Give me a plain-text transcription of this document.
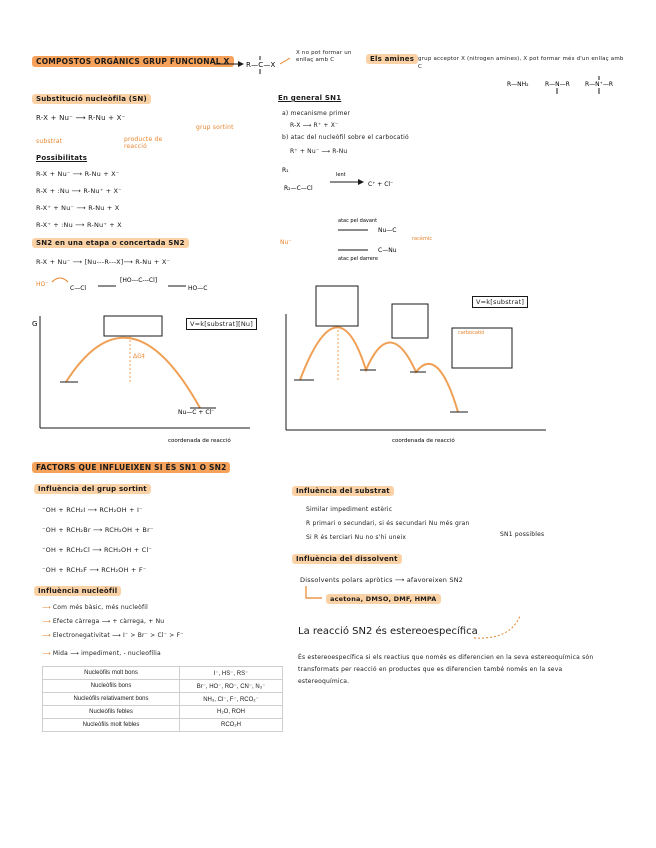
COMPOSTOS ORGÀNICS GRUP FUNCIONAL X	R—C—X
X no pot formar un enllaç amb C	Els amines grup acceptor X (nitrogen amines), X pot formar més d'un enllaç amb C
R—NH₂	R—N—R	R—N⁺—R
Substitució nucleòfila (SN)
R-X + Nu⁻ ⟶ R-Nu + X⁻
substrat	producte de reacció
grup sortint
Possibilitats
R-X + Nu⁻ ⟶ R-Nu + X⁻
R-X + :Nu ⟶ R-Nu⁺ + X⁻
R-X⁺ + Nu⁻ ⟶ R-Nu + X
R-X⁺ + :Nu ⟶ R-Nu⁺ + X
SN2 en una etapa o concertada SN2
R-X + Nu⁻ ⟶ [Nu---R---X]⟶ R-Nu + X⁻
HO⁻
C—Cl
[HO---C---Cl]
HO—C
G
ΔG‡
Nu—C + Cl⁻
coordenada de reacció
V=k[substrat][Nu]
En general SN1
a) mecanisme primer
R-X ⟶ R⁺ + X⁻
b) atac del nucleòfil sobre el carbocatió
R⁺ + Nu⁻ ⟶ R-Nu
R₁
R₂—C—Cl
lent
C⁺ + Cl⁻
atac pel davant
Nu—C
atac pel darrere
C—Nu
racèmic
Nu⁻
carbocatió
coordenada de reacció
V=k[substrat]
FACTORS QUE INFLUEIXEN SI ÉS SN1 O SN2
Influència del grup sortint
⁻OH + RCH₂I ⟶ RCH₂OH + I⁻
⁻OH + RCH₂Br ⟶ RCH₂OH + Br⁻
⁻OH + RCH₂Cl ⟶ RCH₂OH + Cl⁻
⁻OH + RCH₂F ⟶ RCH₂OH + F⁻
Influència nucleòfil
⟶ Com més bàsic, més nucleòfil
⟶ Efecte càrrega ⟶ + càrrega, + Nu
⟶ Electronegativitat ⟶ I⁻ > Br⁻ > Cl⁻ > F⁻
⟶ Mida ⟶ impediment, - nucleofília
Nucleòfils molt bons	I⁻, HS⁻, RS⁻
Nucleòfils bons	Br⁻, HO⁻, RO⁻, CN⁻, N₃⁻
Nucleòfils relativament bons	NH₃, Cl⁻, F⁻, RCO₂⁻
Nucleòfils febles	H₂O, ROH
Nucleòfils molt febles	RCO₂H
Influència del substrat
Similar impediment estèric
R primari o secundari, si és secundari Nu més gran
SN1 possibles
Si R és terciari Nu no s'hi uneix
Influència del dissolvent
Dissolvents polars apròtics ⟶ afavoreixen SN2
acetona, DMSO, DMF, HMPA
La reacció SN2 és estereoespecífica
És estereoespecífica si els reactius que només es diferencien en la seva estereoquímica són transformats per reacció en productes que es diferencien també només en la seva estereoquímica.
